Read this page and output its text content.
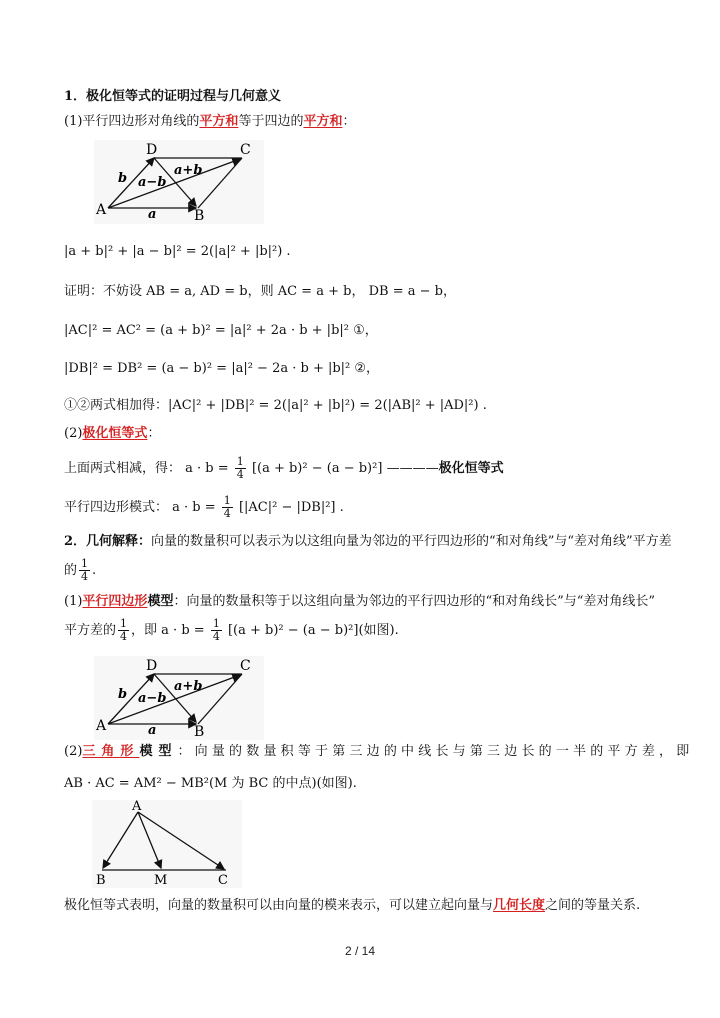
1．极化恒等式的证明过程与几何意义
(1)平行四边形对角线的平方和等于四边的平方和：
D	C
A	B
a
b
a+b
a−b
|a + b|² + |a − b|² = 2(|a|² + |b|²) .
证明：不妨设 AB = a, AD = b，则 AC = a + b， DB = a − b，
|AC|² = AC² = (a + b)² = |a|² + 2a · b + |b|² ①，
|DB|² = DB² = (a − b)² = |a|² − 2a · b + |b|² ②，
①②两式相加得：|AC|² + |DB|² = 2(|a|² + |b|²) = 2(|AB|² + |AD|²) .
(2)极化恒等式：
上面两式相减，得： $a \cdot b = \frac{1}{4} [(a + b)^2 - (a - b)^2]$ ————极化恒等式
平行四边形模式： $a \cdot b = \frac{1}{4} [|AC|^2 - |DB|^2]$ .
2．几何解释：向量的数量积可以表示为以这组向量为邻边的平行四边形的“和对角线”与“差对角线”平方差
的 $\frac{1}{4}$ .
(1)平行四边形模型：向量的数量积等于以这组向量为邻边的平行四边形的“和对角线长”与“差对角线长”
平方差的 $\frac{1}{4}$ ，即 $a \cdot b = \frac{1}{4} [(a + b)^2 - (a - b)^2]$(如图).
D	C
A	B
a
b
a+b
a−b
(2)三角形模型：向量的数量积等于第三边的中线长与第三边长的一半的平方差，即
AB · AC = AM² − MB²(M 为 BC 的中点)(如图).
A
B	M	C
极化恒等式表明，向量的数量积可以由向量的模来表示，可以建立起向量与几何长度之间的等量关系.
2 / 14
